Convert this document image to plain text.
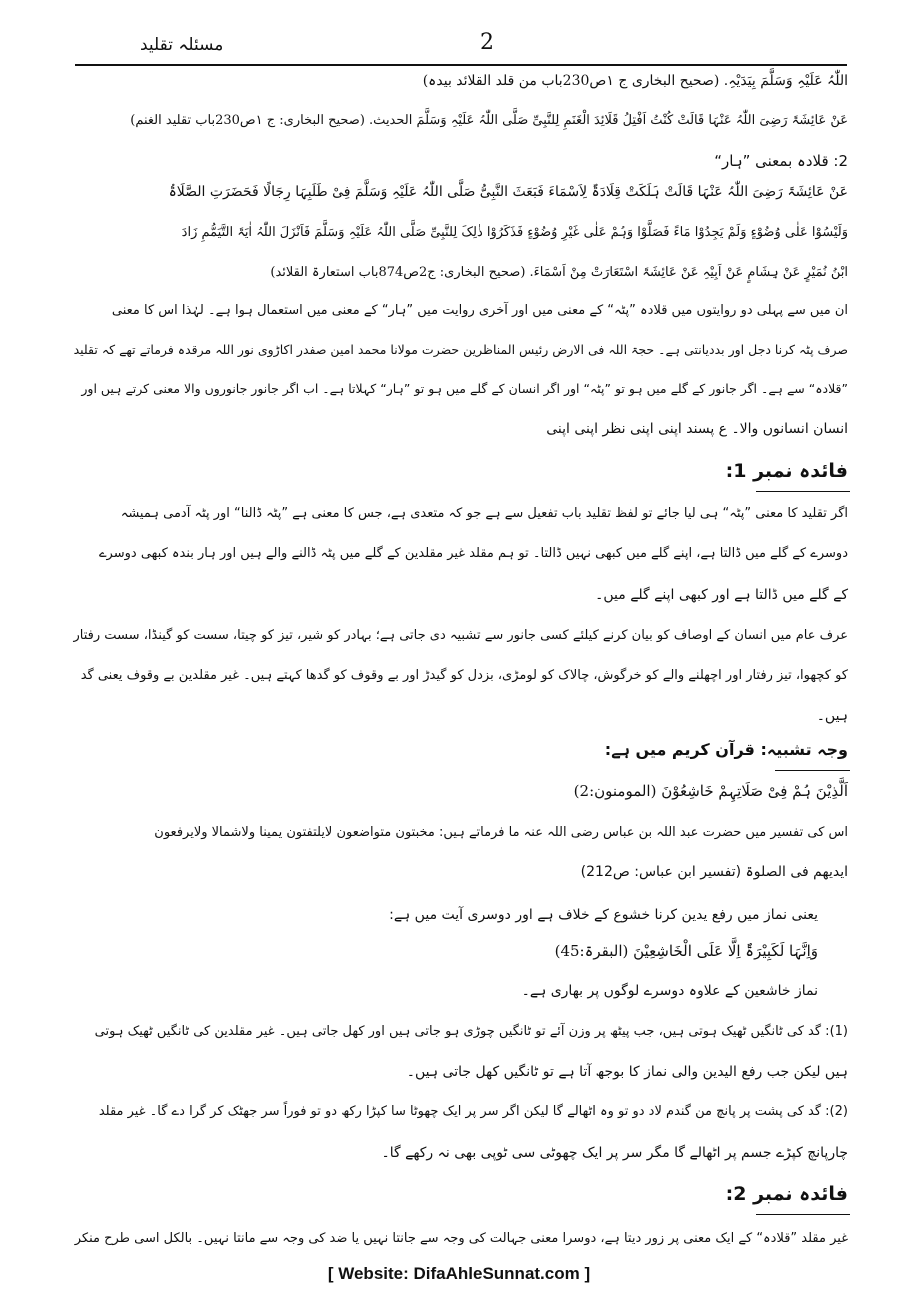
مسئلہ تقلید	2
اللّٰہُ عَلَیْہِ وَسَلَّمَ بِیَدَیْہِ. (صحیح البخاری ج ۱ص230باب من قلد القلائد بیدہ)
عَنْ عَائِشَۃَ رَضِیَ اللّٰہُ عَنْہَا قَالَتْ کُنْتُ اَفْتِلُ قَلَائِدَ الْغَنَمِ لِلنَّبِیِّ صَلَّی اللّٰہُ عَلَیْہِ وَسَلَّمَ الحدیث. (صحیح البخاری: ج ۱ص230باب تقلید الغنم)
2: قلادہ بمعنی ”ہار“
عَنْ عَائِشَۃَ رَضِیَ اللّٰہُ عَنْہَا قَالَتْ ہَلَکَتْ قِلَادَۃٌ لِاَسْمَاءَ فَبَعَثَ النَّبِیُّ صَلَّی اللّٰہُ عَلَیْہِ وَسَلَّمَ فِیْ طَلَبِہَا رِجَالًا فَحَضَرَتِ الصَّلَاۃُ
وَلَیْسُوْا عَلٰی وُضُوْءٍ وَلَمْ یَجِدُوْا مَاءً فَصَلَّوْا وَہُمْ عَلٰی غَیْرِ وُضُوْءٍ فَذَکَرُوْا ذٰلِکَ لِلنَّبِیِّ صَلَّی اللّٰہُ عَلَیْہِ وَسَلَّمَ فَاَنْزَلَ اللّٰہُ اٰیَۃَ التَّیَمُّمِ زَادَ
ابْنُ نُمَیْرٍ عَنْ ہِشَامٍ عَنْ اَبِیْہِ عَنْ عَائِشَۃَ اسْتَعَارَتْ مِنْ اَسْمَاءَ. (صحیح البخاری: ج2ص874باب استعارۃ القلائد)
ان میں سے پہلی دو روایتوں میں قلادہ ”پٹہ“ کے معنی میں اور آخری روایت میں ”ہار“ کے معنی میں استعمال ہوا ہے۔ لہٰذا اس کا معنی
صرف پٹہ کرنا دجل اور بددیانتی ہے۔ حجۃ اللہ فی الارض رئیس المناظرین حضرت مولانا محمد امین صفدر اکاڑوی نور اللہ مرقدہ فرماتے تھے کہ تقلید
”قلادہ“ سے ہے۔ اگر جانور کے گلے میں ہو تو ”پٹہ“ اور اگر انسان کے گلے میں ہو تو ”ہار“ کہلاتا ہے۔ اب اگر جانور جانوروں والا معنی کرتے ہیں اور
انسان انسانوں والا۔ ع پسند اپنی اپنی نظر اپنی اپنی
فائدہ نمبر 1:
اگر تقلید کا معنی ”پٹہ“ ہی لیا جائے تو لفظ تقلید باب تفعیل سے ہے جو کہ متعدی ہے، جس کا معنی ہے ”پٹہ ڈالنا“ اور پٹہ آدمی ہمیشہ
دوسرے کے گلے میں ڈالتا ہے، اپنے گلے میں کبھی نہیں ڈالتا۔ تو ہم مقلد غیر مقلدین کے گلے میں پٹہ ڈالنے والے ہیں اور ہار بندہ کبھی دوسرے
کے گلے میں ڈالتا ہے اور کبھی اپنے گلے میں۔
عرف عام میں انسان کے اوصاف کو بیان کرنے کیلئے کسی جانور سے تشبیہ دی جاتی ہے؛ بہادر کو شیر، تیز کو چیتا، سست کو گینڈا، سست رفتار
کو کچھوا، تیز رفتار اور اچھلنے والے کو خرگوش، چالاک کو لومڑی، بزدل کو گیدڑ اور بے وقوف کو گدھا کہتے ہیں۔ غیر مقلدین بے وقوف یعنی گد
ہیں۔
وجہ تشبیہ: قرآن کریم میں ہے:
اَلَّذِیْنَ ہُمْ فِیْ صَلَاتِہِمْ خَاشِعُوْنَ (المومنون:2)
اس کی تفسیر میں حضرت عبد اللہ بن عباس رضی اللہ عنہ ما فرماتے ہیں: مخبتون متواضعون لایلتفتون یمینا ولاشمالا ولایرفعون
ایدیھم فی الصلوۃ (تفسیر ابن عباس: ص212)
یعنی نماز میں رفع یدین کرنا خشوع کے خلاف ہے اور دوسری آیت میں ہے:
وَاِنَّہَا لَکَبِیْرَۃٌ اِلَّا عَلَی الْخَاشِعِیْنَ (البقرۃ:45)
نماز خاشعین کے علاوہ دوسرے لوگوں پر بھاری ہے۔
(1): گد کی ٹانگیں ٹھیک ہوتی ہیں، جب پیٹھ پر وزن آئے تو ٹانگیں چوڑی ہو جاتی ہیں اور کھل جاتی ہیں۔ غیر مقلدین کی ٹانگیں ٹھیک ہوتی
ہیں لیکن جب رفع الیدین والی نماز کا بوجھ آتا ہے تو ٹانگیں کھل جاتی ہیں۔
(2): گد کی پشت پر پانچ من گندم لاد دو تو وہ اٹھالے گا لیکن اگر سر پر ایک چھوٹا سا کپڑا رکھ دو تو فوراً سر جھٹک کر گرا دے گا۔ غیر مقلد
چارپانچ کپڑے جسم پر اٹھالے گا مگر سر پر ایک چھوٹی سی ٹوپی بھی نہ رکھے گا۔
فائدہ نمبر 2:
غیر مقلد ”قلادہ“ کے ایک معنی پر زور دیتا ہے، دوسرا معنی جہالت کی وجہ سے جانتا نہیں یا ضد کی وجہ سے مانتا نہیں۔ بالکل اسی طرح منکر
[ Website: DifaAhleSunnat.com ]
